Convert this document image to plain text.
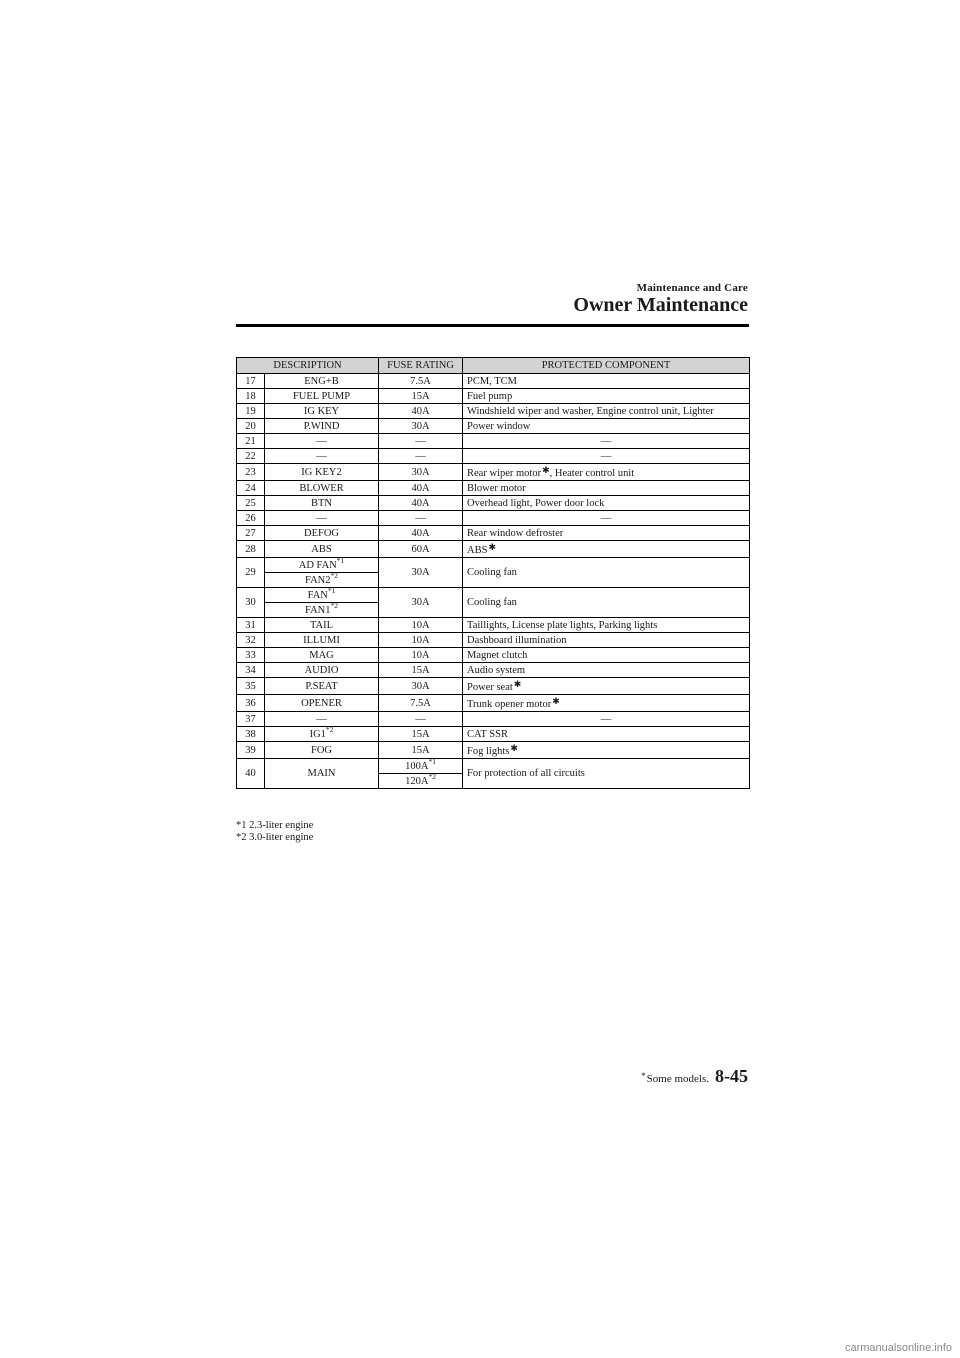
Maintenance and Care
Owner Maintenance
DESCRIPTION		FUSE RATING	PROTECTED COMPONENT
17	ENG+B	7.5A	PCM, TCM
18	FUEL PUMP	15A	Fuel pump
19	IG KEY	40A	Windshield wiper and washer, Engine control unit, Lighter
20	P.WIND	30A	Power window
21	—	—	—
22	—	—	—
23	IG KEY2	30A	Rear wiper motor✱, Heater control unit
24	BLOWER	40A	Blower motor
25	BTN	40A	Overhead light, Power door lock
26	—	—	—
27	DEFOG	40A	Rear window defroster
28	ABS	60A	ABS✱
29	AD FAN$^{*1}$	30A	Cooling fan
	FAN2$^{*2}$
30	FAN$^{*1}$	30A	Cooling fan
	FAN1$^{*2}$
31	TAIL	10A	Taillights, License plate lights, Parking lights
32	ILLUMI	10A	Dashboard illumination
33	MAG	10A	Magnet clutch
34	AUDIO	15A	Audio system
35	P.SEAT	30A	Power seat✱
36	OPENER	7.5A	Trunk opener motor✱
37	—	—	—
38	IG1$^{*2}$	15A	CAT SSR
39	FOG	15A	Fog lights✱
40	MAIN	100A$^{*1}$	For protection of all circuits
		120A$^{*2}$
*1 2.3-liter engine
*2 3.0-liter engine
*Some models. 8-45
carmanualsonline.info
